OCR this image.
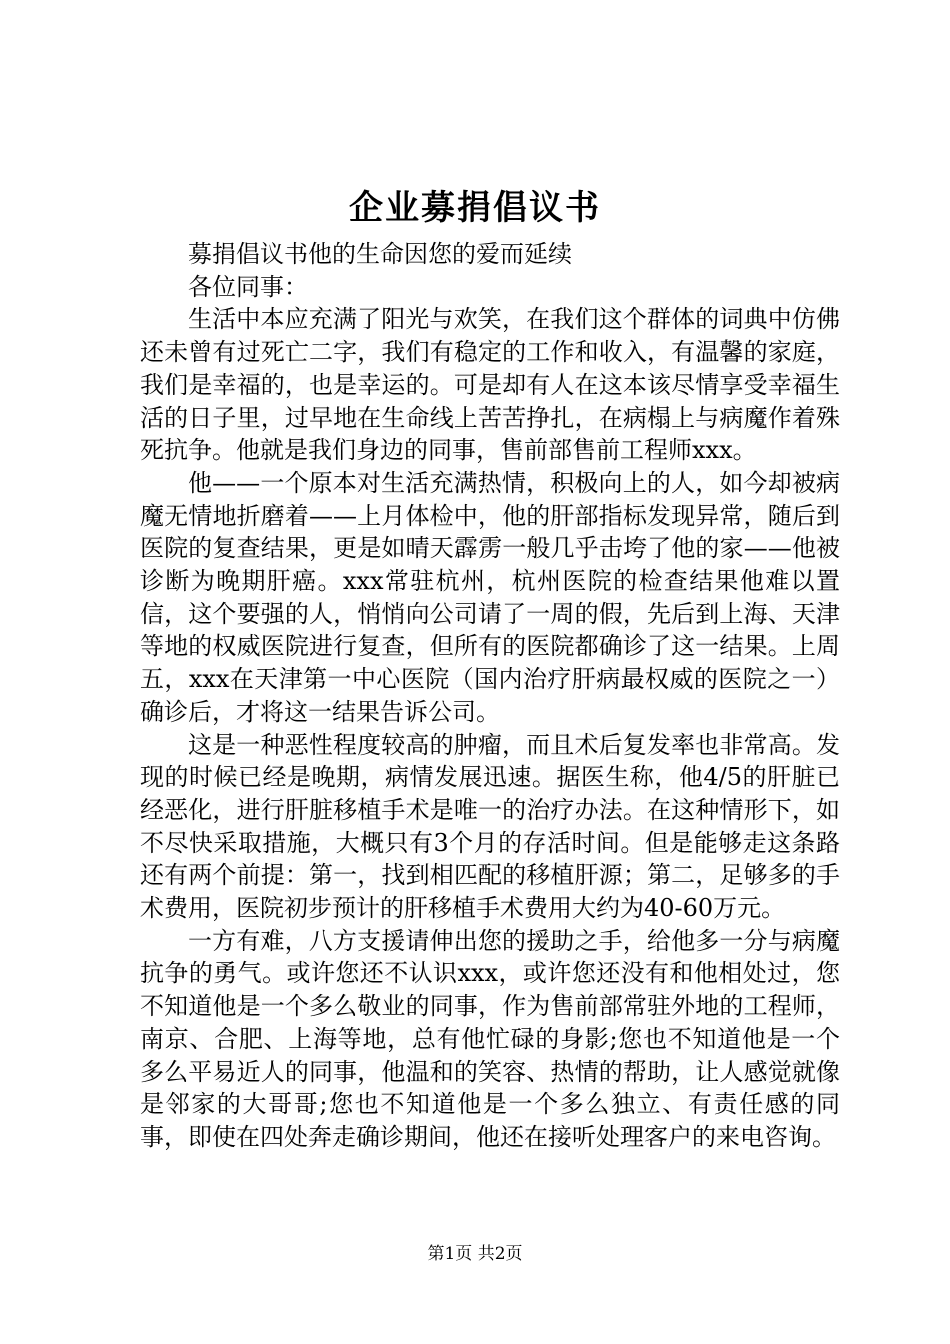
企业募捐倡议书

募捐倡议书他的生命因您的爱而延续

各位同事：

生活中本应充满了阳光与欢笑，在我们这个群体的词典中仿佛还未曾有过死亡二字，我们有稳定的工作和收入，有温馨的家庭，我们是幸福的，也是幸运的。可是却有人在这本该尽情享受幸福生活的日子里，过早地在生命线上苦苦挣扎，在病榻上与病魔作着殊死抗争。他就是我们身边的同事，售前部售前工程师xxx。

他——一个原本对生活充满热情，积极向上的人，如今却被病魔无情地折磨着——上月体检中，他的肝部指标发现异常，随后到医院的复查结果，更是如晴天霹雳一般几乎击垮了他的家——他被诊断为晚期肝癌。xxx常驻杭州，杭州医院的检查结果他难以置信，这个要强的人，悄悄向公司请了一周的假，先后到上海、天津等地的权威医院进行复查，但所有的医院都确诊了这一结果。上周五，xxx在天津第一中心医院（国内治疗肝病最权威的医院之一）确诊后，才将这一结果告诉公司。

这是一种恶性程度较高的肿瘤，而且术后复发率也非常高。发现的时候已经是晚期，病情发展迅速。据医生称，他4/5的肝脏已经恶化，进行肝脏移植手术是唯一的治疗办法。在这种情形下，如不尽快采取措施，大概只有3个月的存活时间。但是能够走这条路还有两个前提：第一，找到相匹配的移植肝源；第二，足够多的手术费用，医院初步预计的肝移植手术费用大约为40-60万元。

一方有难，八方支援请伸出您的援助之手，给他多一分与病魔抗争的勇气。或许您还不认识xxx，或许您还没有和他相处过，您不知道他是一个多么敬业的同事，作为售前部常驻外地的工程师，南京、合肥、上海等地，总有他忙碌的身影;您也不知道他是一个多么平易近人的同事，他温和的笑容、热情的帮助，让人感觉就像是邻家的大哥哥;您也不知道他是一个多么独立、有责任感的同事，即使在四处奔走确诊期间，他还在接听处理客户的来电咨询。

第1页 共2页
